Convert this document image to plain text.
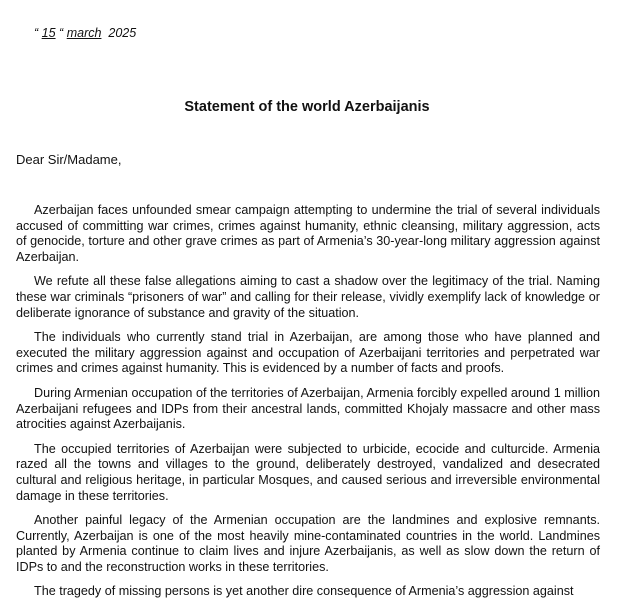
“ 15 “ march 2025
Statement of the world Azerbaijanis
Dear Sir/Madame,

Azerbaijan faces unfounded smear campaign attempting to undermine the trial of several individuals accused of committing war crimes, crimes against humanity, ethnic cleansing, military aggression, acts of genocide, torture and other grave crimes as part of Armenia’s 30-year-long military aggression against Azerbaijan.

We refute all these false allegations aiming to cast a shadow over the legitimacy of the trial. Naming these war criminals “prisoners of war” and calling for their release, vividly exemplify lack of knowledge or deliberate ignorance of substance and gravity of the situation.

The individuals who currently stand trial in Azerbaijan, are among those who have planned and executed the military aggression against and occupation of Azerbaijani territories and perpetrated war crimes and crimes against humanity. This is evidenced by a number of facts and proofs.

During Armenian occupation of the territories of Azerbaijan, Armenia forcibly expelled around 1 million Azerbaijani refugees and IDPs from their ancestral lands, committed Khojaly massacre and other mass atrocities against Azerbaijanis.

The occupied territories of Azerbaijan were subjected to urbicide, ecocide and culturcide. Armenia razed all the towns and villages to the ground, deliberately destroyed, vandalized and desecrated cultural and religious heritage, in particular Mosques, and caused serious and irreversible environmental damage in these territories.

Another painful legacy of the Armenian occupation are the landmines and explosive remnants. Currently, Azerbaijan is one of the most heavily mine-contaminated countries in the world. Landmines planted by Armenia continue to claim lives and injure Azerbaijanis, as well as slow down the return of IDPs to and the reconstruction works in these territories.

The tragedy of missing persons is yet another dire consequence of Armenia’s aggression against
